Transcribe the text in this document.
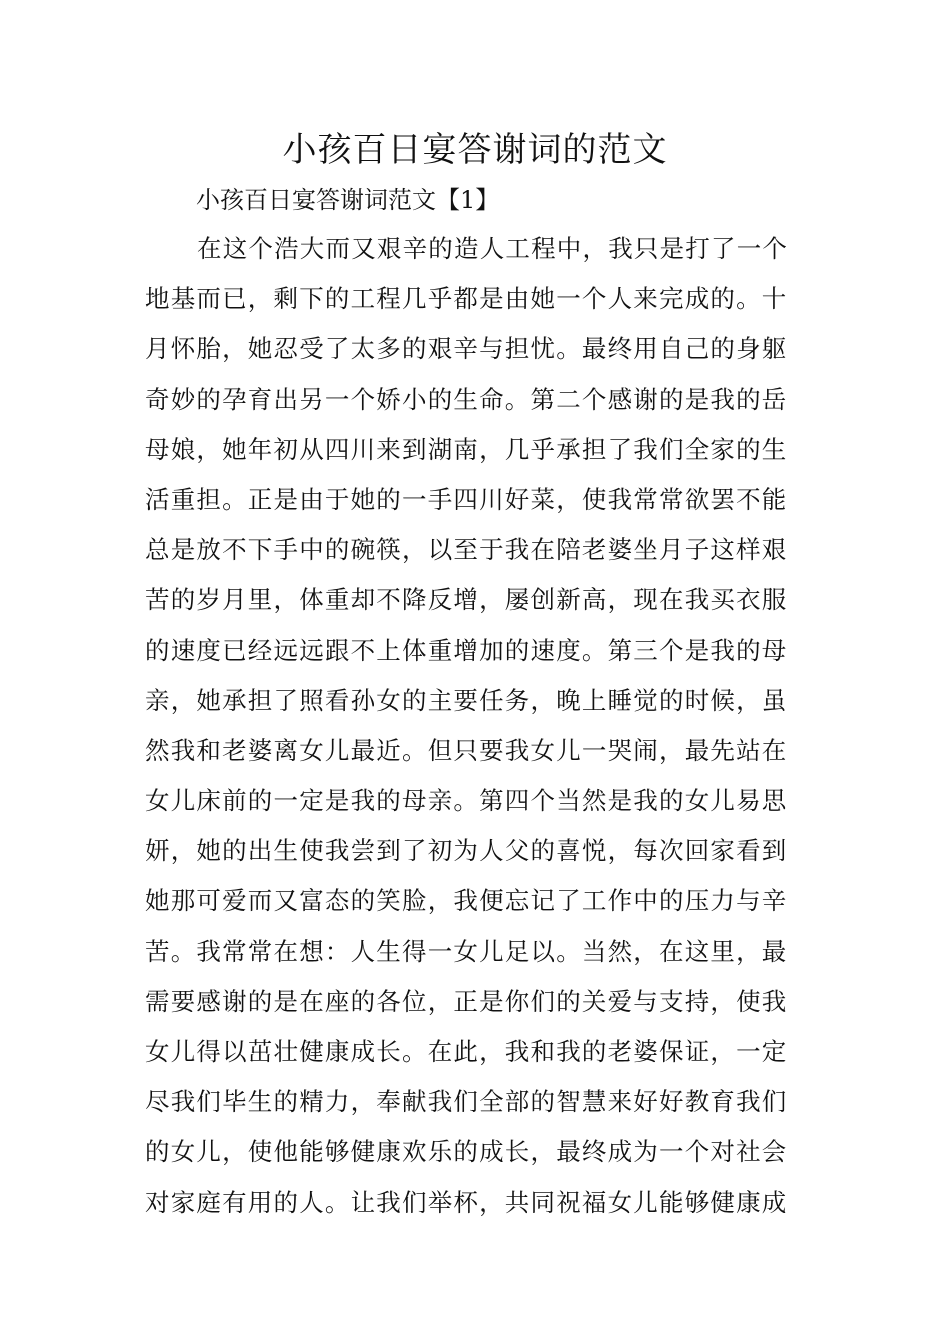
小孩百日宴答谢词的范文
小孩百日宴答谢词范文【1】
在这个浩大而又艰辛的造人工程中，我只是打了一个
地基而已，剩下的工程几乎都是由她一个人来完成的。十
月怀胎，她忍受了太多的艰辛与担忧。最终用自己的身躯
奇妙的孕育出另一个娇小的生命。第二个感谢的是我的岳
母娘，她年初从四川来到湖南，几乎承担了我们全家的生
活重担。正是由于她的一手四川好菜，使我常常欲罢不能
总是放不下手中的碗筷，以至于我在陪老婆坐月子这样艰
苦的岁月里，体重却不降反增，屡创新高，现在我买衣服
的速度已经远远跟不上体重增加的速度。第三个是我的母
亲，她承担了照看孙女的主要任务，晚上睡觉的时候，虽
然我和老婆离女儿最近。但只要我女儿一哭闹，最先站在
女儿床前的一定是我的母亲。第四个当然是我的女儿易思
妍，她的出生使我尝到了初为人父的喜悦，每次回家看到
她那可爱而又富态的笑脸，我便忘记了工作中的压力与辛
苦。我常常在想：人生得一女儿足以。当然，在这里，最
需要感谢的是在座的各位，正是你们的关爱与支持，使我
女儿得以茁壮健康成长。在此，我和我的老婆保证，一定
尽我们毕生的精力，奉献我们全部的智慧来好好教育我们
的女儿，使他能够健康欢乐的成长，最终成为一个对社会
对家庭有用的人。让我们举杯，共同祝福女儿能够健康成
